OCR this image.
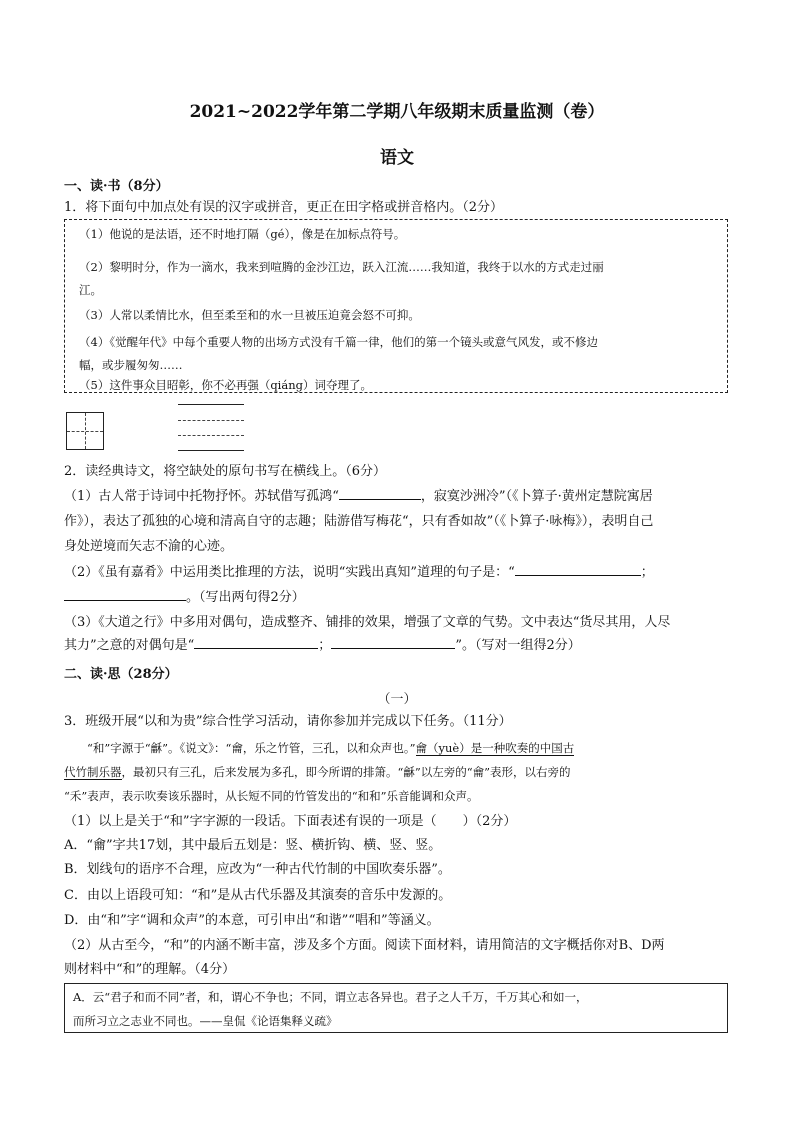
2021~2022学年第二学期八年级期末质量监测（卷）
语文
一、读·书（8分）
1．将下面句中加点处有误的汉字或拼音，更正在田字格或拼音格内。（2分）

（1）他说的是法语，还不时地打隔（gé），像是在加标点符号。

（2）黎明时分，作为一滴水，我来到喧腾的金沙江边，跃入江流……我知道，我终于以水的方式走过丽

江。

（3）人常以柔情比水，但至柔至和的水一旦被压迫竟会怒不可抑。

（4）《觉醒年代》中每个重要人物的出场方式没有千篇一律，他们的第一个镜头或意气风发，或不修边

幅，或步履匆匆……

（5）这件事众目昭彰，你不必再强（qiáng）词夺理了。

2．读经典诗文，将空缺处的原句书写在横线上。（6分）
（1）古人常于诗词中托物抒怀。苏轼借写孤鸿“	，寂寞沙洲冷”（《卜算子·黄州定慧院寓居
作》），表达了孤独的心境和清高自守的志趣；陆游借写梅花“，只有香如故”（《卜算子·咏梅》），表明自己
身处逆境而矢志不渝的心迹。
（2）《虽有嘉肴》中运用类比推理的方法，说明“实践出真知”道理的句子是：“	；
。（写出两句得2分）
（3）《大道之行》中多用对偶句，造成整齐、铺排的效果，增强了文章的气势。文中表达“货尽其用，人尽
其力”之意的对偶句是“	；	”。（写对一组得2分）
二、读·思（28分）
（一）
3．班级开展“以和为贵”综合性学习活动，请你参加并完成以下任务。（11分）
“和”字源于“龢”。《说文》：“龠，乐之竹管，三孔，以和众声也。”龠（yuè）是一种吹奏的中国古
代竹制乐器，最初只有三孔，后来发展为多孔，即今所谓的排箫。“龢”以左旁的“龠”表形，以右旁的
“禾”表声，表示吹奏该乐器时，从长短不同的竹管发出的“和和”乐音能调和众声。
（1）以上是关于“和”字字源的一段话。下面表述有误的一项是（　　）（2分）
A．“龠”字共17划，其中最后五划是：竖、横折钩、横、竖、竖。
B．划线句的语序不合理，应改为“一种古代竹制的中国吹奏乐器”。
C．由以上语段可知：“和”是从古代乐器及其演奏的音乐中发源的。
D．由“和”字“调和众声”的本意，可引申出“和谐”“唱和”等涵义。
（2）从古至今，“和”的内涵不断丰富，涉及多个方面。阅读下面材料，请用简洁的文字概括你对B、D两
则材料中“和”的理解。（4分）

A．云“君子和而不同”者，和，谓心不争也；不同，谓立志各异也。君子之人千万，千万其心和如一，

而所习立之志业不同也。——皇侃《论语集释义疏》
